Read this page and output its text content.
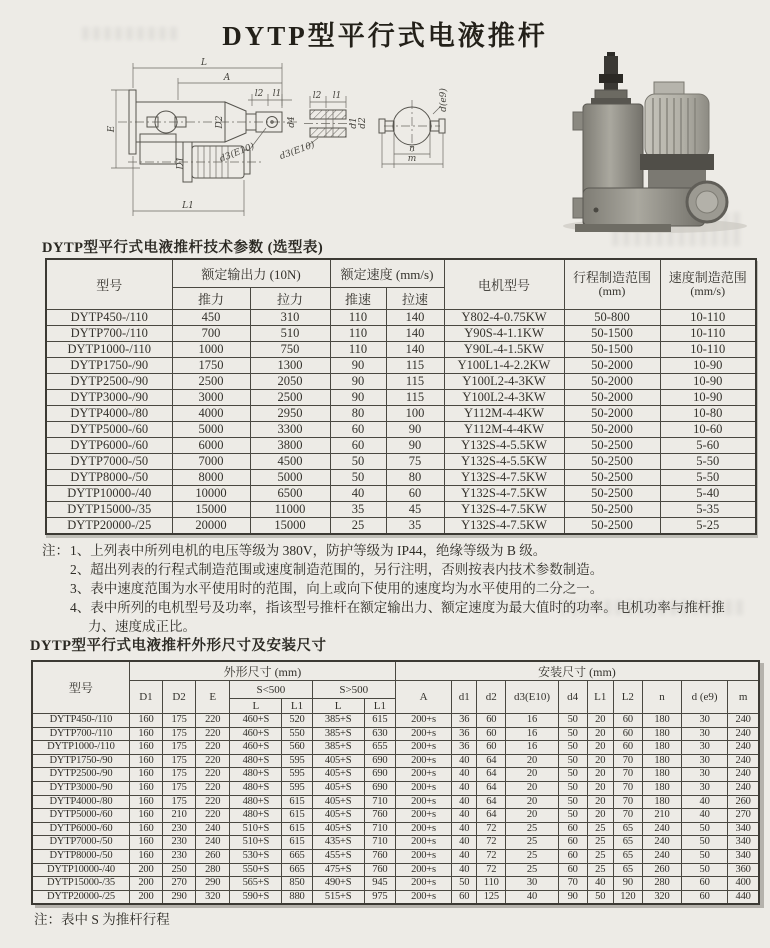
DYTP型平行式电液推杆
L
A
l2 l1
D2	d4
d3(E10)
E
D1
L1
l2 l1
d1 d2
d3(E10)
d(e9)
n
m
DYTP型平行式电液推杆技术参数 (选型表)
型号	额定输出力 (10N)		额定速度 (mm/s)		电机型号	行程制造范围
(mm)	速度制造范围
(mm/s)

	推力	拉力	推速	拉速			
DYTP450-/110	450	310	110	140	Y802-4-0.75KW	50-800	10-110
DYTP700-/110	700	510	110	140	Y90S-4-1.1KW	50-1500	10-110
DYTP1000-/110	1000	750	110	140	Y90L-4-1.5KW	50-1500	10-110
DYTP1750-/90	1750	1300	90	115	Y100L1-4-2.2KW	50-2000	10-90
DYTP2500-/90	2500	2050	90	115	Y100L2-4-3KW	50-2000	10-90
DYTP3000-/90	3000	2500	90	115	Y100L2-4-3KW	50-2000	10-90
DYTP4000-/80	4000	2950	80	100	Y112M-4-4KW	50-2000	10-80
DYTP5000-/60	5000	3300	60	90	Y112M-4-4KW	50-2000	10-60
DYTP6000-/60	6000	3800	60	90	Y132S-4-5.5KW	50-2500	5-60
DYTP7000-/50	7000	4500	50	75	Y132S-4-5.5KW	50-2500	5-50
DYTP8000-/50	8000	5000	50	80	Y132S-4-7.5KW	50-2500	5-50
DYTP10000-/40	10000	6500	40	60	Y132S-4-7.5KW	50-2500	5-40
DYTP15000-/35	15000	11000	35	45	Y132S-4-7.5KW	50-2500	5-35
DYTP20000-/25	20000	15000	25	35	Y132S-4-7.5KW	50-2500	5-25
注： 1、上列表中所列电机的电压等级为 380V，防护等级为 IP44，绝缘等级为 B 级。
2、超出列表的行程式制造范围或速度制造范围的，另行注明，否则按表内技术参数制造。
3、表中速度范围为水平使用时的范围，向上或向下使用的速度均为水平使用的二分之一。
4、表中所列的电机型号及功率，指该型号推杆在额定输出力、额定速度为最大值时的功率。电机功率与推杆推力、速度成正比。
DYTP型平行式电液推杆外形尺寸及安装尺寸
型号	外形尺寸 (mm)							安装尺寸 (mm)									
	D1	D2	E	S<500		S>500		A	d1	d2	d3(E10)	d4	L1	L2	n	d (e9)	m
				L	L1	L	L1										
DYTP450-/110	160	175	220	460+S	520	385+S	615	200+s	36	60	16	50	20	60	180	30	240
DYTP700-/110	160	175	220	460+S	550	385+S	630	200+s	36	60	16	50	20	60	180	30	240
DYTP1000-/110	160	175	220	460+S	560	385+S	655	200+s	36	60	16	50	20	60	180	30	240
DYTP1750-/90	160	175	220	480+S	595	405+S	690	200+s	40	64	20	50	20	70	180	30	240
DYTP2500-/90	160	175	220	480+S	595	405+S	690	200+s	40	64	20	50	20	70	180	30	240
DYTP3000-/90	160	175	220	480+S	595	405+S	690	200+s	40	64	20	50	20	70	180	30	240
DYTP4000-/80	160	175	220	480+S	615	405+S	710	200+s	40	64	20	50	20	70	180	40	260
DYTP5000-/60	160	210	220	480+S	615	405+S	760	200+s	40	64	20	50	20	70	210	40	270
DYTP6000-/60	160	230	240	510+S	615	405+S	710	200+s	40	72	25	60	25	65	240	50	340
DYTP7000-/50	160	230	240	510+S	615	435+S	710	200+s	40	72	25	60	25	65	240	50	340
DYTP8000-/50	160	230	260	530+S	665	455+S	760	200+s	40	72	25	60	25	65	240	50	340
DYTP10000-/40	200	250	280	550+S	665	475+S	760	200+s	40	72	25	60	25	65	260	50	360
DYTP15000-/35	200	270	290	565+S	850	490+S	945	200+s	50	110	30	70	40	90	280	60	400
DYTP20000-/25	200	290	320	590+S	880	515+S	975	200+s	60	125	40	90	50	120	320	60	440
注：表中 S 为推杆行程
